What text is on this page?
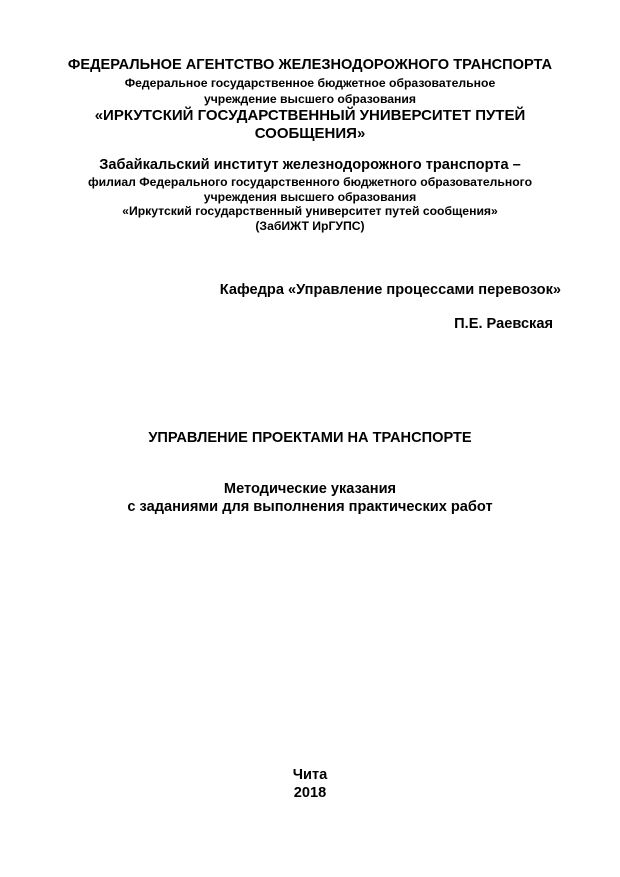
ФЕДЕРАЛЬНОЕ АГЕНТСТВО ЖЕЛЕЗНОДОРОЖНОГО ТРАНСПОРТА
Федеральное государственное бюджетное образовательное
учреждение высшего образования
«ИРКУТСКИЙ ГОСУДАРСТВЕННЫЙ УНИВЕРСИТЕТ ПУТЕЙ
СООБЩЕНИЯ»
Забайкальский институт железнодорожного транспорта –
филиал Федерального государственного бюджетного образовательного
учреждения высшего образования
«Иркутский государственный университет путей сообщения»
(ЗабИЖТ ИрГУПС)
Кафедра «Управление процессами перевозок»
П.Е. Раевская
УПРАВЛЕНИЕ ПРОЕКТАМИ НА ТРАНСПОРТЕ
Методические указания
с заданиями для выполнения практических работ
Чита
2018
